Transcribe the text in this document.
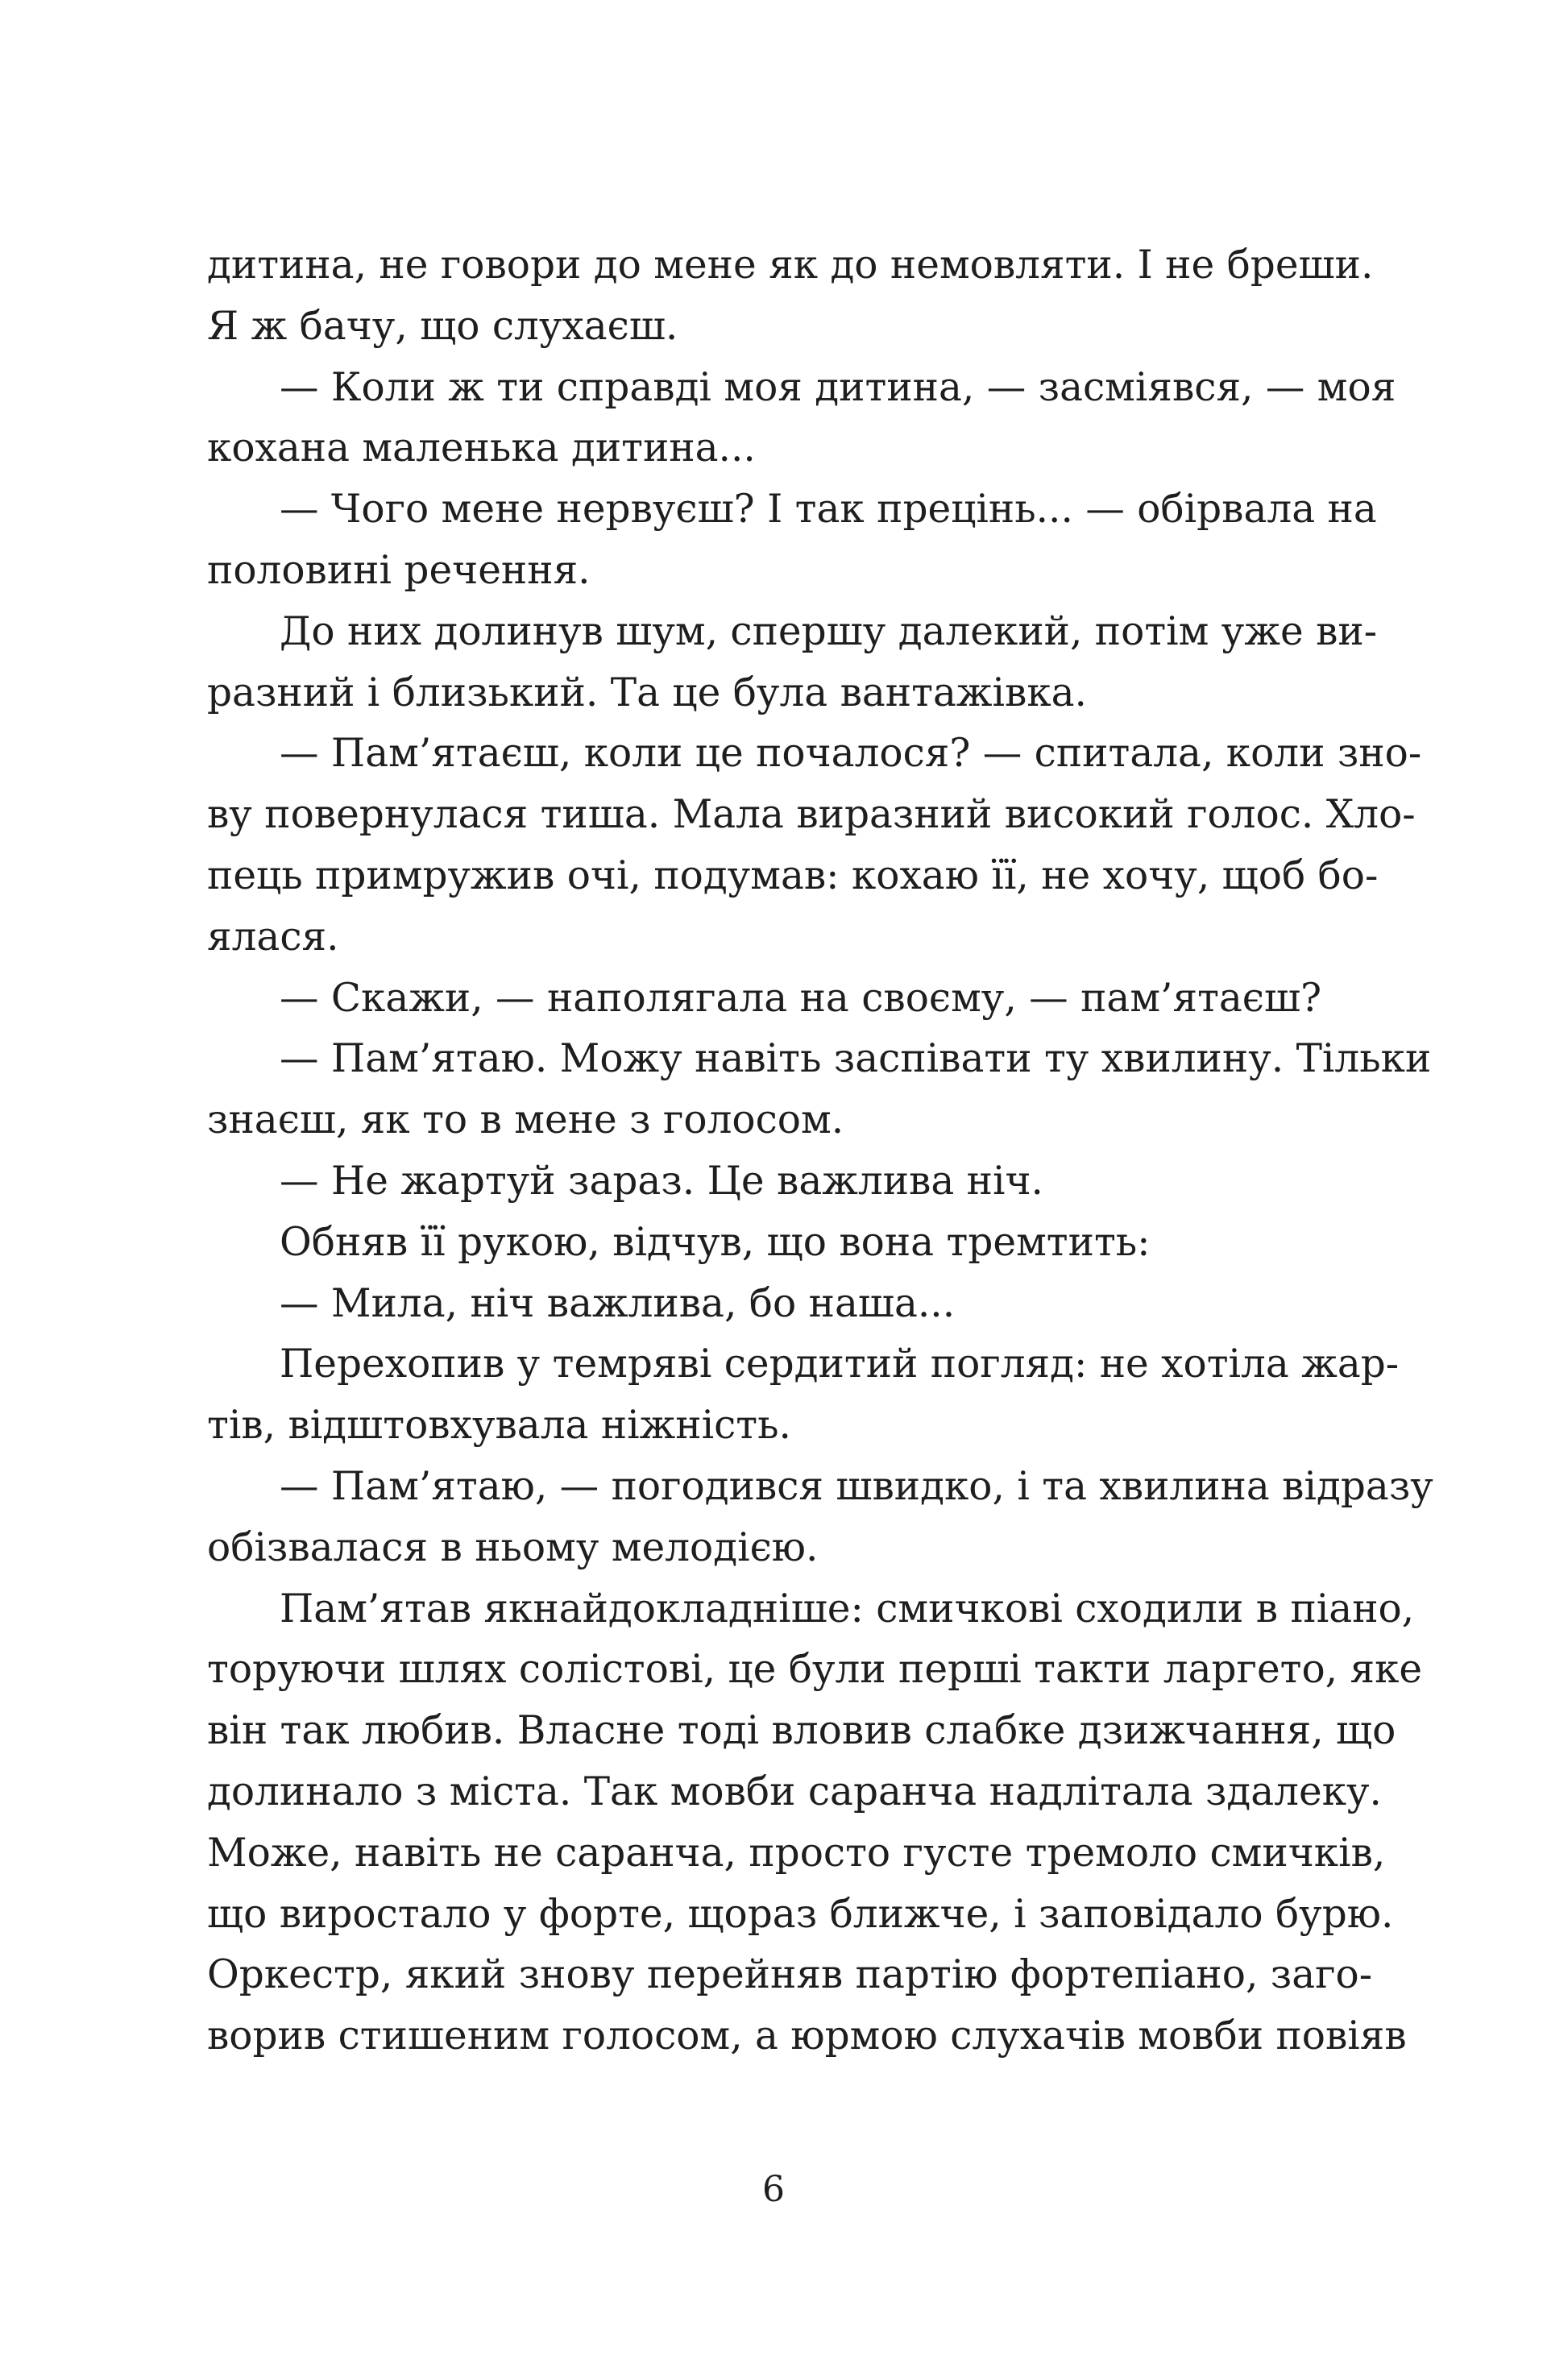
дитина, не говори до мене як до немовляти. І не бреши.
Я ж бачу, що слухаєш.
— Коли ж ти справді моя дитина, — засміявся, — моя
кохана маленька дитина...
— Чого мене нервуєш? І так прецінь... — обірвала на
половині речення.
До них долинув шум, спершу далекий, потім уже ви-
разний і близький. Та це була вантажівка.
— Пам’ятаєш, коли це почалося? — спитала, коли зно-
ву повернулася тиша. Мала виразний високий голос. Хло-
пець примружив очі, подумав: кохаю її, не хочу, щоб бо-
ялася.
— Скажи, — наполягала на своєму, — пам’ятаєш?
— Пам’ятаю. Можу навіть заспівати ту хвилину. Тільки
знаєш, як то в мене з голосом.
— Не жартуй зараз. Це важлива ніч.
Обняв її рукою, відчув, що вона тремтить:
— Мила, ніч важлива, бо наша...
Перехопив у темряві сердитий погляд: не хотіла жар-
тів, відштовхувала ніжність.
— Пам’ятаю, — погодився швидко, і та хвилина відразу
обізвалася в ньому мелодією.
Пам’ятав якнайдокладніше: смичкові сходили в піано,
торуючи шлях солістові, це були перші такти ларгето, яке
він так любив. Власне тоді вловив слабке дзижчання, що
долинало з міста. Так мовби саранча надлітала здалеку.
Може, навіть не саранча, просто густе тремоло смичків,
що виростало у форте, щораз ближче, і заповідало бурю.
Оркестр, який знову перейняв партію фортепіано, заго-
ворив стишеним голосом, а юрмою слухачів мовби повіяв
6
